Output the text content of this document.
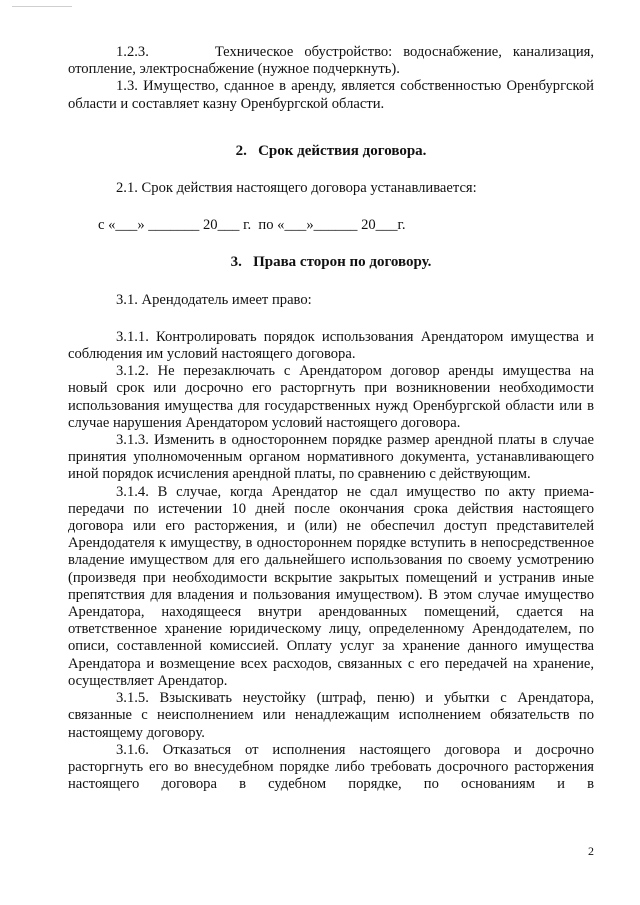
1.2.3.      Техническое обустройство: водоснабжение, канализация, отопление, электроснабжение (нужное подчеркнуть).

1.3. Имущество, сданное в аренду, является собственностью Оренбургской области и составляет казну Оренбургской области.

2.   Срок действия договора.

2.1. Срок действия настоящего договора устанавливается:

с «___» _______ 20___ г.  по «___»______ 20___г.

3.   Права сторон по договору.

3.1. Арендодатель имеет право:

3.1.1. Контролировать порядок использования Арендатором имущества и соблюдения им условий настоящего договора.

3.1.2. Не перезаключать с Арендатором договор аренды имущества на новый срок или досрочно его расторгнуть при возникновении необходимости использования имущества для государственных нужд Оренбургской области или в случае нарушения Арендатором условий настоящего договора.

3.1.3. Изменить в одностороннем порядке размер арендной платы в случае принятия уполномоченным органом нормативного документа, устанавливающего иной порядок исчисления арендной платы, по сравнению с действующим.

3.1.4. В случае, когда Арендатор не сдал имущество по акту приема-передачи по истечении 10 дней после окончания срока действия настоящего договора или его расторжения, и (или) не обеспечил доступ представителей Арендодателя к имуществу, в одностороннем порядке вступить в непосредственное владение имуществом для его дальнейшего использования по своему усмотрению (произведя при необходимости вскрытие закрытых помещений и устранив иные препятствия для владения и пользования имуществом). В этом случае имущество Арендатора, находящееся внутри арендованных помещений, сдается на ответственное хранение юридическому лицу, определенному Арендодателем, по описи, составленной комиссией. Оплату услуг за хранение данного имущества Арендатора и возмещение всех расходов, связанных с его передачей на хранение, осуществляет Арендатор.

3.1.5. Взыскивать неустойку (штраф, пеню) и убытки с Арендатора, связанные с неисполнением или ненадлежащим исполнением обязательств по настоящему договору.

3.1.6. Отказаться от исполнения настоящего договора и досрочно расторгнуть его во внесудебном порядке либо требовать досрочного расторжения настоящего договора в судебном порядке, по основаниям и в

2
